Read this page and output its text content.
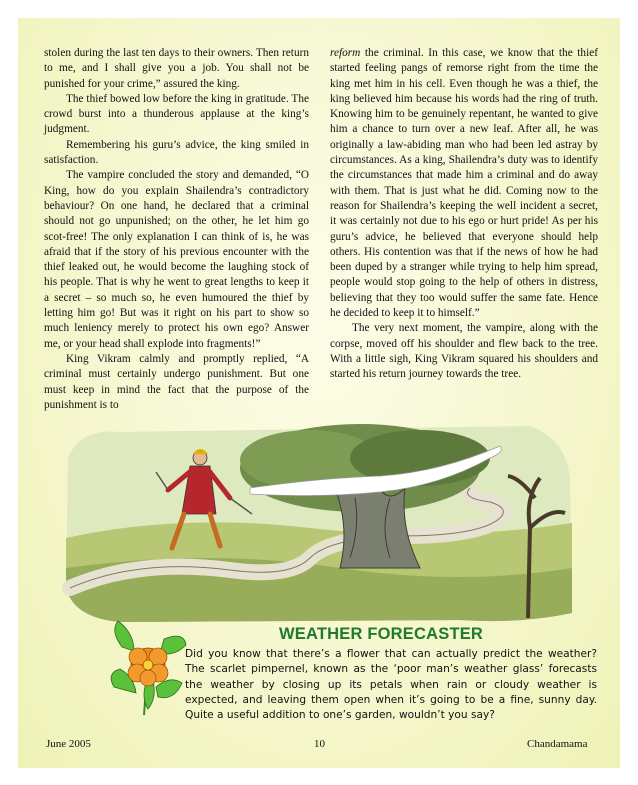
stolen during the last ten days to their owners. Then return to me, and I shall give you a job. You shall not be punished for your crime,” assured the king.

The thief bowed low before the king in gratitude. The crowd burst into a thunderous applause at the king’s judgment.

Remembering his guru’s advice, the king smiled in satisfaction.

The vampire concluded the story and demanded, “O King, how do you explain Shailendra’s contradictory behaviour? On one hand, he declared that a criminal should not go unpunished; on the other, he let him go scot-free! The only explanation I can think of is, he was afraid that if the story of his previous encounter with the thief leaked out, he would become the laughing stock of his people. That is why he went to great lengths to keep it a secret – so much so, he even humoured the thief by letting him go! But was it right on his part to show so much leniency merely to protect his own ego? Answer me, or your head shall explode into fragments!”

King Vikram calmly and promptly replied, “A criminal must certainly undergo punishment. But one must keep in mind the fact that the purpose of the punishment is to

reform the criminal. In this case, we know that the thief started feeling pangs of remorse right from the time the king met him in his cell. Even though he was a thief, the king believed him because his words had the ring of truth. Knowing him to be genuinely repentant, he wanted to give him a chance to turn over a new leaf. After all, he was originally a law-abiding man who had been led astray by circumstances. As a king, Shailendra’s duty was to identify the circumstances that made him a criminal and do away with them. That is just what he did. Coming now to the reason for Shailendra’s keeping the well incident a secret, it was certainly not due to his ego or hurt pride! As per his guru’s advice, he believed that everyone should help others. His contention was that if the news of how he had been duped by a stranger while trying to help him spread, people would stop going to the help of others in distress, believing that they too would suffer the same fate. Hence he decided to keep it to himself.”

The very next moment, the vampire, along with the corpse, moved off his shoulder and flew back to the tree. With a little sigh, King Vikram squared his shoulders and started his return journey towards the tree.

WEATHER FORECASTER
Did you know that there’s a flower that can actually predict the weather? The scarlet pimpernel, known as the ‘poor man’s weather glass’ forecasts the weather by closing up its petals when rain or cloudy weather is expected, and leaving them open when it’s going to be a fine, sunny day. Quite a useful addition to one’s garden, wouldn’t you say?
June 2005	10	Chandamama
